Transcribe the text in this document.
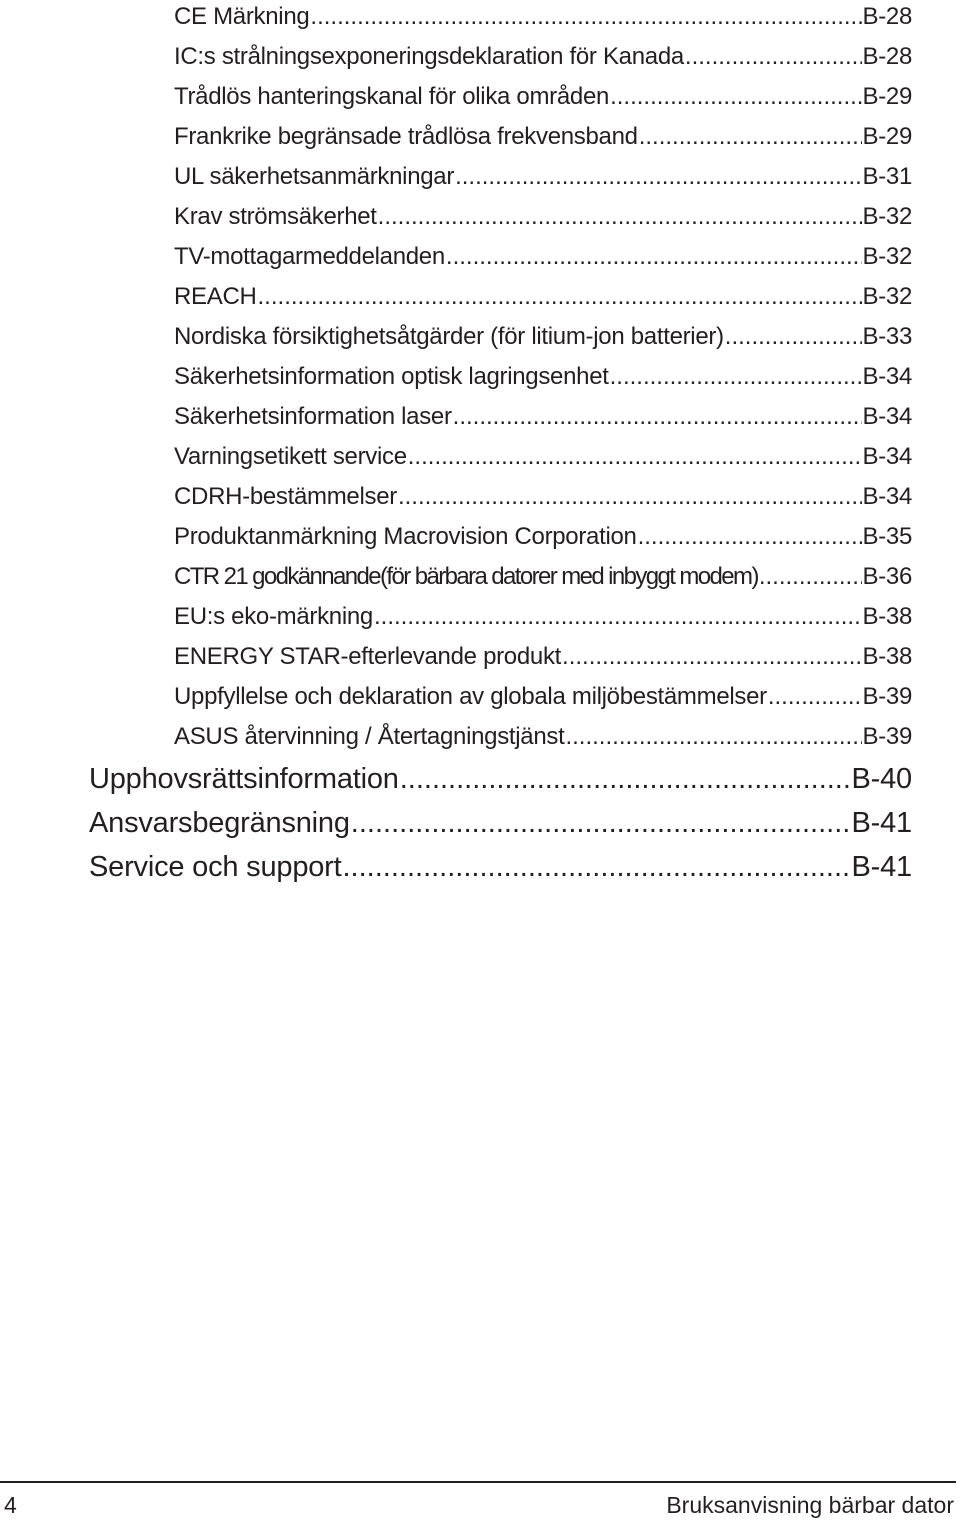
CE Märkning .....	B-28
IC:s strålningsexponeringsdeklaration för Kanada .....	B-28
Trådlös hanteringskanal för olika områden .....	B-29
Frankrike begränsade trådlösa frekvensband .....	B-29
UL säkerhetsanmärkningar .....	B-31
Krav strömsäkerhet .....	B-32
TV-mottagarmeddelanden .....	B-32
REACH .....	B-32
Nordiska försiktighetsåtgärder (för litium-jon batterier) .....	B-33
Säkerhetsinformation optisk lagringsenhet .....	B-34
Säkerhetsinformation laser .....	B-34
Varningsetikett service .....	B-34
CDRH-bestämmelser .....	B-34
Produktanmärkning Macrovision Corporation .....	B-35
CTR 21 godkännande(för bärbara datorer med inbyggt modem) .....	B-36
EU:s eko-märkning .....	B-38
ENERGY STAR-efterlevande produkt .....	B-38
Uppfyllelse och deklaration av globala miljöbestämmelser .....	B-39
ASUS återvinning / Återtagningstjänst .....	B-39
Upphovsrättsinformation .....	B-40
Ansvarsbegränsning .....	B-41
Service och support .....	B-41
4	Bruksanvisning bärbar dator
